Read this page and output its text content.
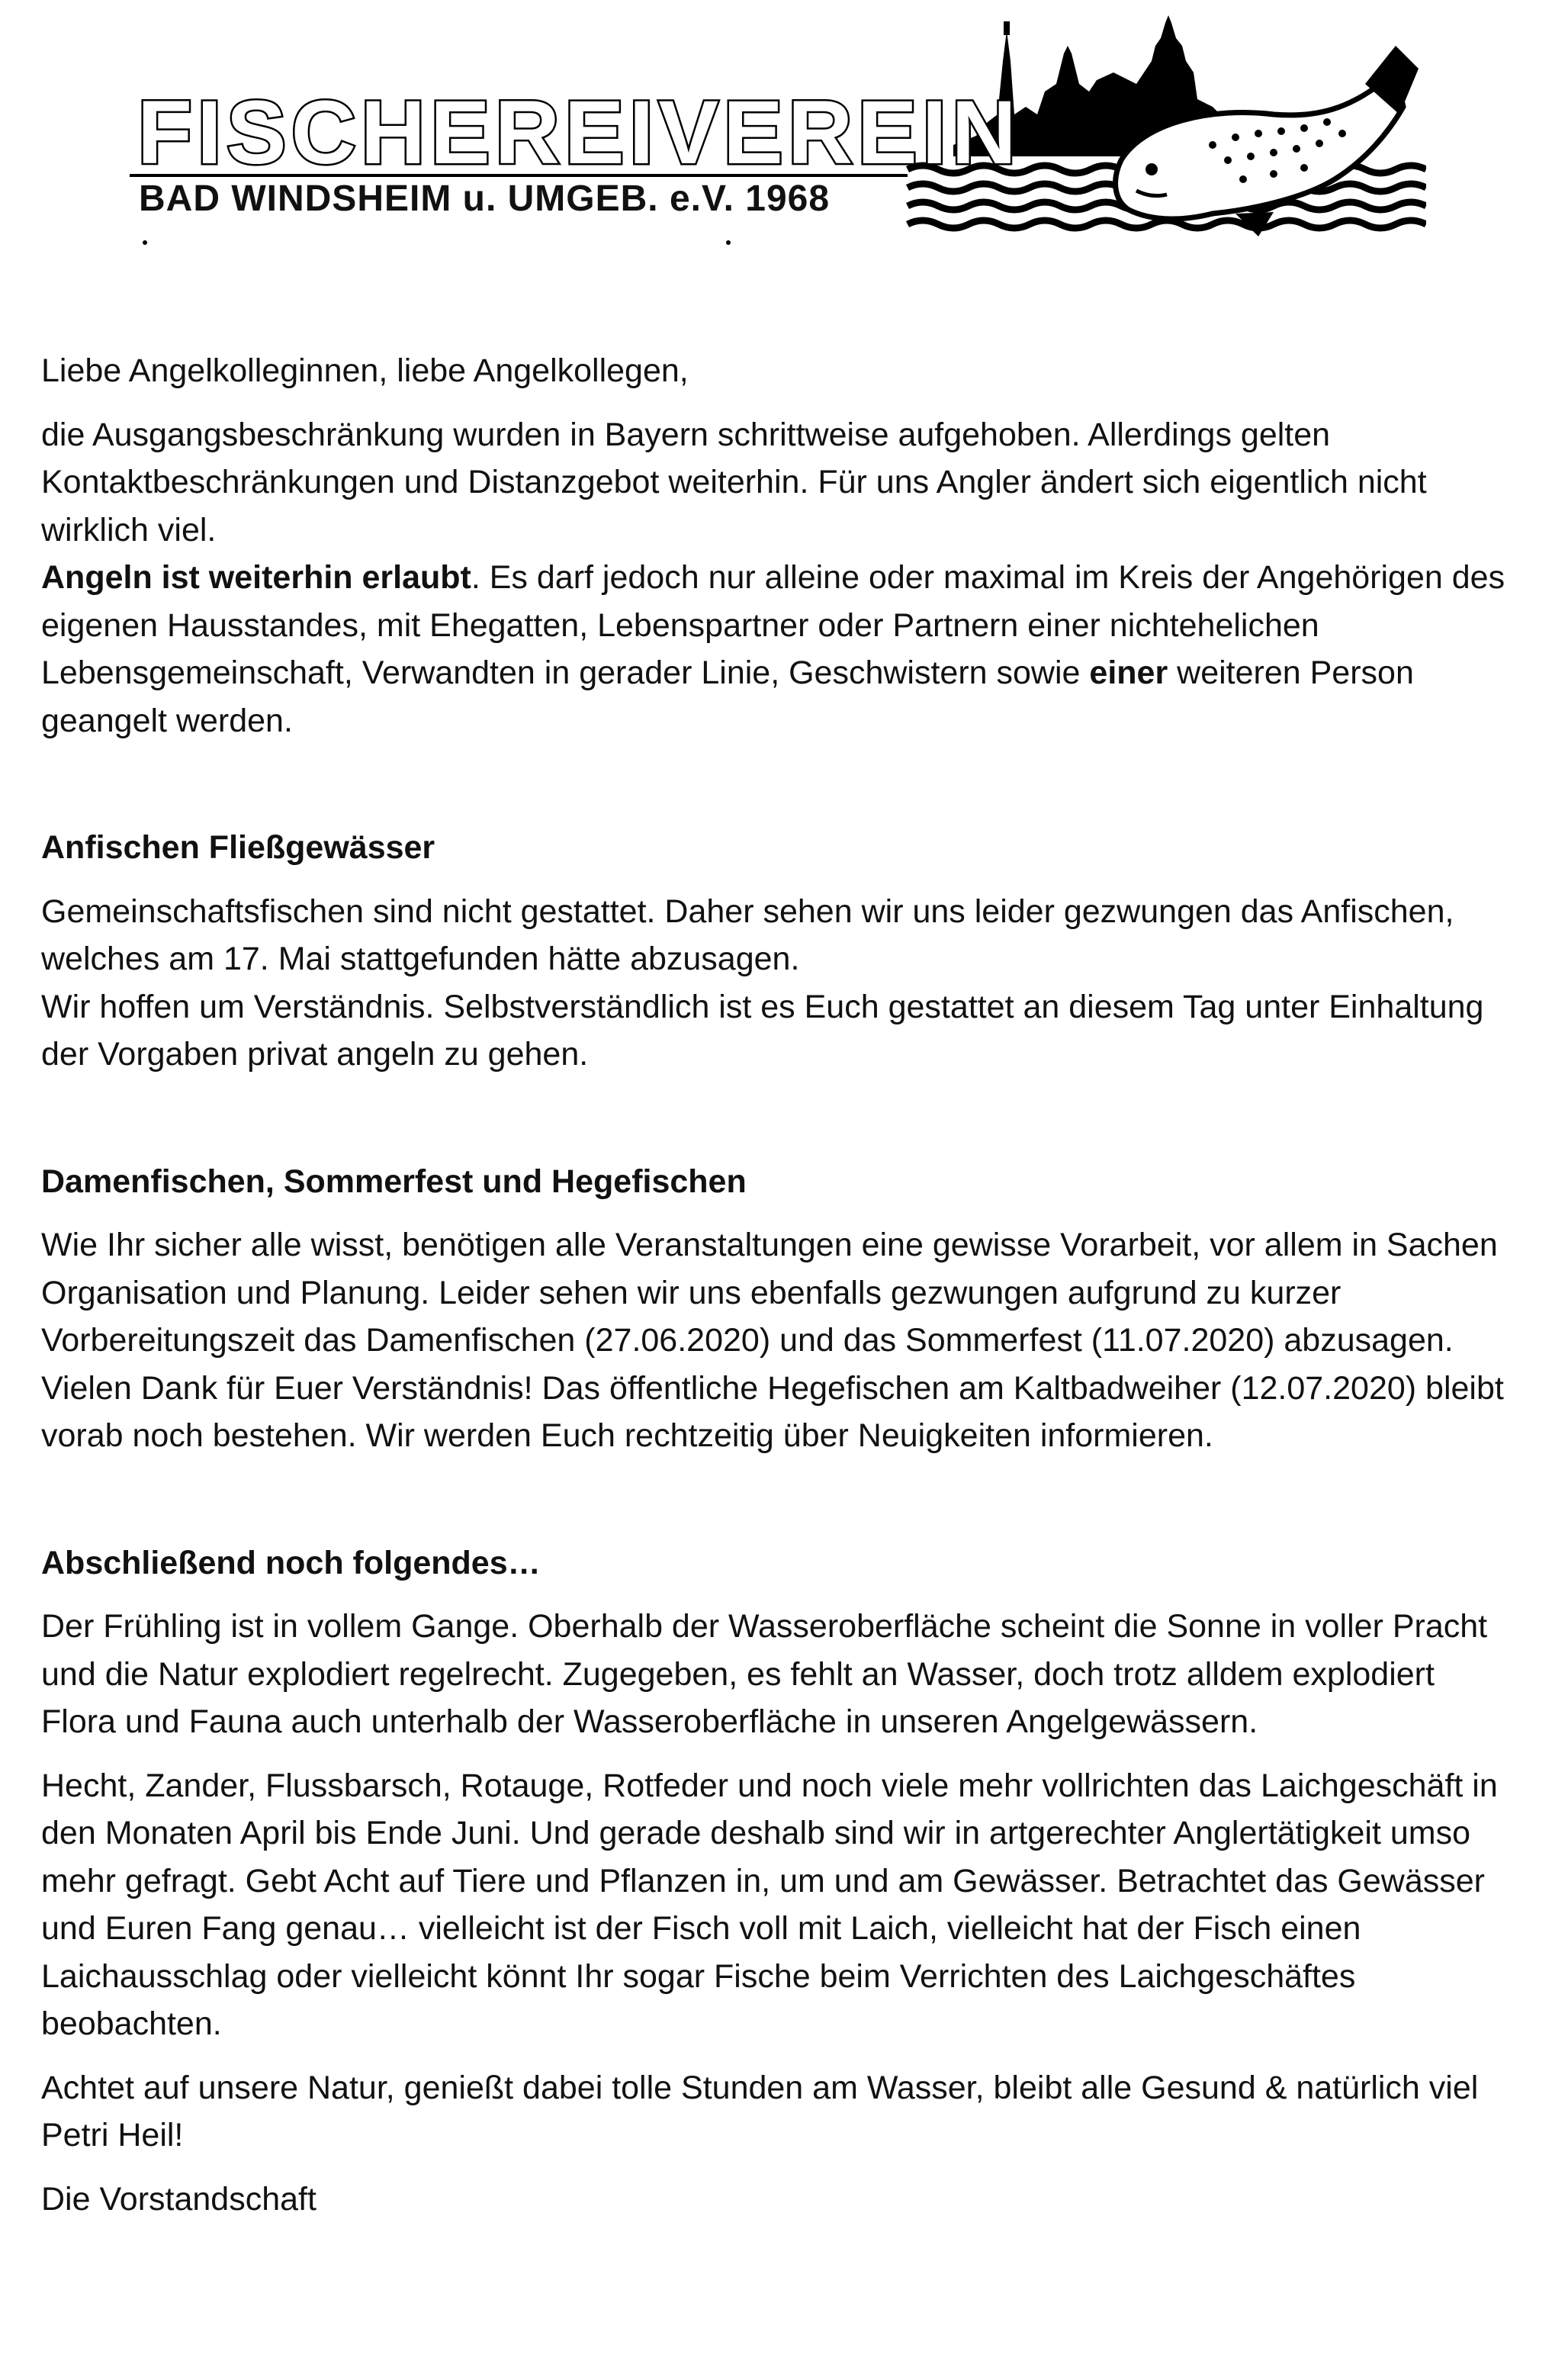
FISCHEREIVEREIN
BAD WINDSHEIM u. UMGEB. e.V. 1968

Liebe Angelkolleginnen, liebe Angelkollegen,

die Ausgangsbeschränkung wurden in Bayern schrittweise aufgehoben. Allerdings gelten Kontaktbeschränkungen und Distanzgebot weiterhin. Für uns Angler ändert sich eigentlich nicht wirklich viel.
Angeln ist weiterhin erlaubt. Es darf jedoch nur alleine oder maximal im Kreis der Angehörigen des eigenen Hausstandes, mit Ehegatten, Lebenspartner oder Partnern einer nichtehelichen Lebensgemeinschaft, Verwandten in gerader Linie, Geschwistern sowie einer weiteren Person geangelt werden.

Anfischen Fließgewässer

Gemeinschaftsfischen sind nicht gestattet. Daher sehen wir uns leider gezwungen das Anfischen, welches am 17. Mai stattgefunden hätte abzusagen.
Wir hoffen um Verständnis. Selbstverständlich ist es Euch gestattet an diesem Tag unter Einhaltung der Vorgaben privat angeln zu gehen.

Damenfischen, Sommerfest und Hegefischen

Wie Ihr sicher alle wisst, benötigen alle Veranstaltungen eine gewisse Vorarbeit, vor allem in Sachen Organisation und Planung. Leider sehen wir uns ebenfalls gezwungen aufgrund zu kurzer Vorbereitungszeit das Damenfischen (27.06.2020) und das Sommerfest (11.07.2020) abzusagen. Vielen Dank für Euer Verständnis! Das öffentliche Hegefischen am Kaltbadweiher (12.07.2020) bleibt vorab noch bestehen. Wir werden Euch rechtzeitig über Neuigkeiten informieren.

Abschließend noch folgendes…

Der Frühling ist in vollem Gange. Oberhalb der Wasseroberfläche scheint die Sonne in voller Pracht und die Natur explodiert regelrecht. Zugegeben, es fehlt an Wasser, doch trotz alldem explodiert Flora und Fauna auch unterhalb der Wasseroberfläche in unseren Angelgewässern.

Hecht, Zander, Flussbarsch, Rotauge, Rotfeder und noch viele mehr vollrichten das Laichgeschäft in den Monaten April bis Ende Juni. Und gerade deshalb sind wir in artgerechter Anglertätigkeit umso mehr gefragt. Gebt Acht auf Tiere und Pflanzen in, um und am Gewässer. Betrachtet das Gewässer und Euren Fang genau… vielleicht ist der Fisch voll mit Laich, vielleicht hat der Fisch einen Laichausschlag oder vielleicht könnt Ihr sogar Fische beim Verrichten des Laichgeschäftes beobachten.

Achtet auf unsere Natur, genießt dabei tolle Stunden am Wasser, bleibt alle Gesund & natürlich viel Petri Heil!

Die Vorstandschaft
